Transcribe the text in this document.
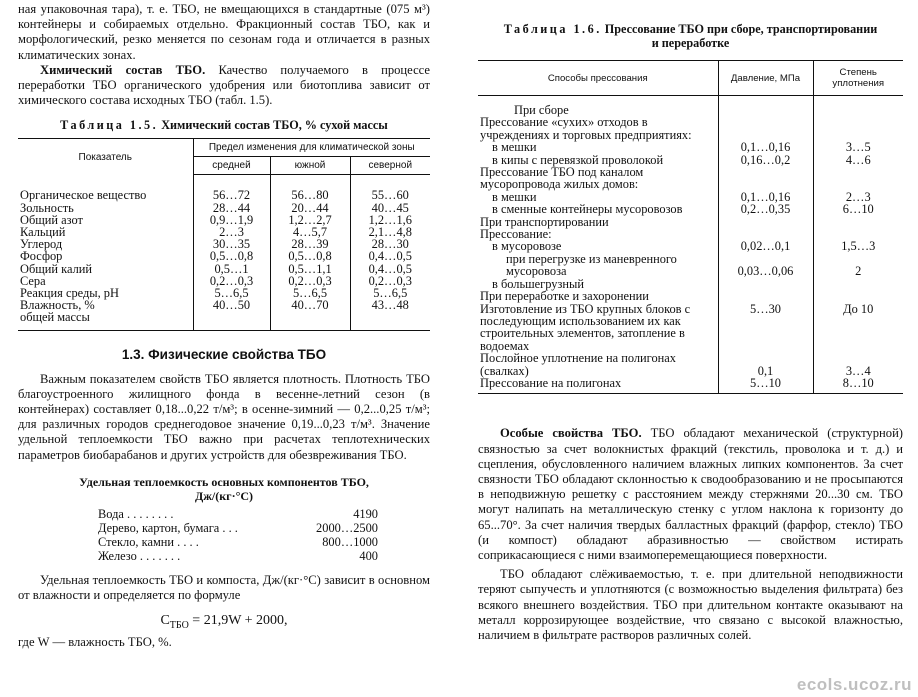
ная упаковочная тара), т. е. ТБО, не вмещающихся в стандартные (075 м³) контейнеры и собираемых отдельно. Фракционный состав ТБО, как и морфологический, резко меняется по сезонам года и отличается в разных климатических зонах.

Химический состав ТБО. Качество получаемого в процессе переработки ТБО органического удобрения или биотоплива зависит от химического состава исходных ТБО (табл. 1.5).

Таблица 1.5. Химический состав ТБО, % сухой массы
Показатель	Предел изменения для климатической зоны		
	средней	южной	северной
Органическое вещество	56…72	56…80	55…60
Зольность	28…44	20…44	40…45
Общий азот	0,9…1,9	1,2…2,7	1,2…1,6
Кальций	2…3	4…5,7	2,1…4,8
Углерод	30…35	28…39	28…30
Фосфор	0,5…0,8	0,5…0,8	0,4…0,5
Общий калий	0,5…1	0,5…1,1	0,4…0,5
Сера	0,2…0,3	0,2…0,3	0,2…0,3
Реакция среды, рН	5…6,5	5…6,5	5…6,5
Влажность, %	40…50	40…70	43…48
общей массы			
1.3. Физические свойства ТБО

Важным показателем свойств ТБО является плотность. Плотность ТБО благоустроенного жилищного фонда в весенне-летний сезон (в контейнерах) составляет 0,18...0,22 т/м³; в осенне-зимний — 0,2...0,25 т/м³; для различных городов среднегодовое значение 0,19...0,23 т/м³. Значение удельной теплоемкости ТБО важно при расчетах теплотехнических параметров биобарабанов и других устройств для обезвреживания ТБО.

Удельная теплоемкость основных компонентов ТБО,
Дж/(кг·°С)
Вода . . . . . . . .	4190
Дерево, картон, бумага . . .	2000…2500
Стекло, камни . . . .	800…1000
Железо . . . . . . .	400

Удельная теплоемкость ТБО и компоста, Дж/(кг·°С) зависит в основном от влажности и определяется по формуле

$C_{ТБО} = 21,9W + 2000$,

где W — влажность ТБО, %.

Таблица 1.6. Прессование ТБО при сборе, транспортировании
и переработке
Способы прессования	Давление, МПа	Степень уплотнения
При сборе		
Прессование «сухих» отходов в учреждениях и торговых предприятиях:		
в мешки	0,1…0,16	3…5
в кипы с перевязкой проволокой	0,16…0,2	4…6
Прессование ТБО под каналом мусоропровода жилых домов:		
в мешки	0,1…0,16	2…3
в сменные контейнеры мусоровозов	0,2…0,35	6…10
При транспортировании		
Прессование:		
в мусоровозе	0,02…0,1	1,5…3
при перегрузке из маневренного мусоровоза	0,03…0,06	2
в большегрузный		
При переработке и захоронении		
Изготовление из ТБО крупных блоков с последующим использованием их как строительных элементов, затопление в водоемах	5…30	До 10
Послойное уплотнение на полигонах (свалках)	0,1	3…4
Прессование на полигонах	5…10	8…10

Особые свойства ТБО. ТБО обладают механической (структурной) связностью за счет волокнистых фракций (текстиль, проволока и т. д.) и сцепления, обусловленного наличием влажных липких компонентов. За счет связности ТБО обладают склонностью к сводообразованию и не просыпаются в неподвижную решетку с расстоянием между стержнями 20...30 см. ТБО могут налипать на металлическую стенку с углом наклона к горизонту до 65...70°. За счет наличия твердых балластных фракций (фарфор, стекло) ТБО (и компост) обладают абразивностью — свойством истирать соприкасающиеся с ними взаимоперемещающиеся поверхности.

ТБО обладают слёживаемостью, т. е. при длительной неподвижности теряют сыпучесть и уплотняются (с возможностью выделения фильтрата) без всякого внешнего воздействия. ТБО при длительном контакте оказывают на металл коррозирующее воздействие, что связано с высокой влажностью, наличием в фильтрате растворов различных солей.

ecols.ucoz.ru
